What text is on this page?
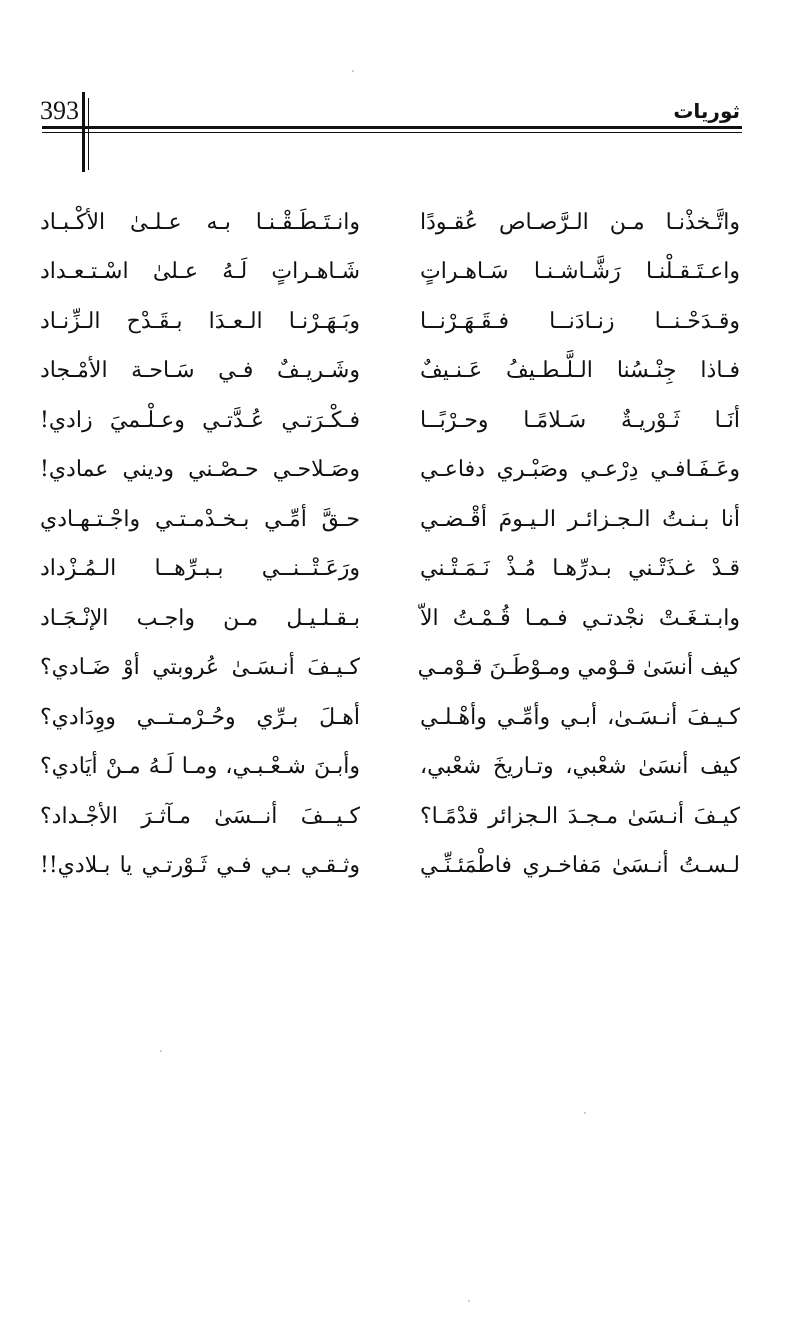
393	ثوريات
واتَّـخذْنـا مـن الـرَّصـاص عُقـودًا
وانـتَـطَـقْـنـا بـه عـلـىٰ الأكْـبـاد
واعـتَـقـلْنـا رَشَّـاشـنـا سَـاهـراتٍ
شَـاهـراتٍ لَـهُ عـلىٰ اسْـتـعـداد
وقـدَحْـنــا زنـادَنــا فـقَـهَـرْنــا
وبَـهَـرْنـا الـعـدَا بـقَـدْح الـزِّنـاد
فـاذا جِنْـسُنا الـلَّـطـيفُ عَـنـيفٌ
وشَـريـفٌ فـي سَـاحـة الأمْـجاد
أنَـا ثَـوْريـةٌ سَـلامًـا وحـرْبًــا
فـكْـرَتـي عُـدَّتـي وعـلْـميَ زادي!
وعَـفَـافـي دِرْعـي وصَبْـري دفاعـي
وصَـلاحـي حـصْـني وديني عمادي!
أنا بـنـتُ الـجـزائـر الـيـومَ أقْـضـي
حـقَّ أمِّـي بـخـدْمـتـي واجْـتـهـادي
قـدْ غـذَتْـني بـدرِّهـا مُـذْ نَـمَـتْـني
ورَعَـتْــنــي بـبـرِّهــا الـمُـزْداد
وابـتـغَـتْ نجْدتـي فـمـا قُـمْـتُ الاّ
بـقـلـيـل مـن واجـب الإنْـجَـاد
كيف أنسَىٰ قـوْمي ومـوْطَـنَ قـوْمـي
كـيـفَ أنـسَـىٰ عُروبتي أوْ ضَـادي؟
كـيـفَ أنـسَـىٰ، أبـي وأمِّـي وأهْـلـي
أهـلَ بـرِّي وحُـرْمـتــي ووِدَادي؟
كيف أنسَىٰ شعْبي، وتـاريخَ شعْبي،
وأبـنَ شـعْـبـي، ومـا لَـهُ مـنْ أيَادي؟
كيـفَ أنـسَىٰ مـجـدَ الـجزائر قدْمًـا؟
كـيــفَ أنــسَىٰ مـآثـرَ الأجْـداد؟
لـسـتُ أنـسَىٰ مَفاخـري فاطْمَئـنِّـي
وثـقـي بـي فـي ثَـوْرتـي يا بـلادي!!
